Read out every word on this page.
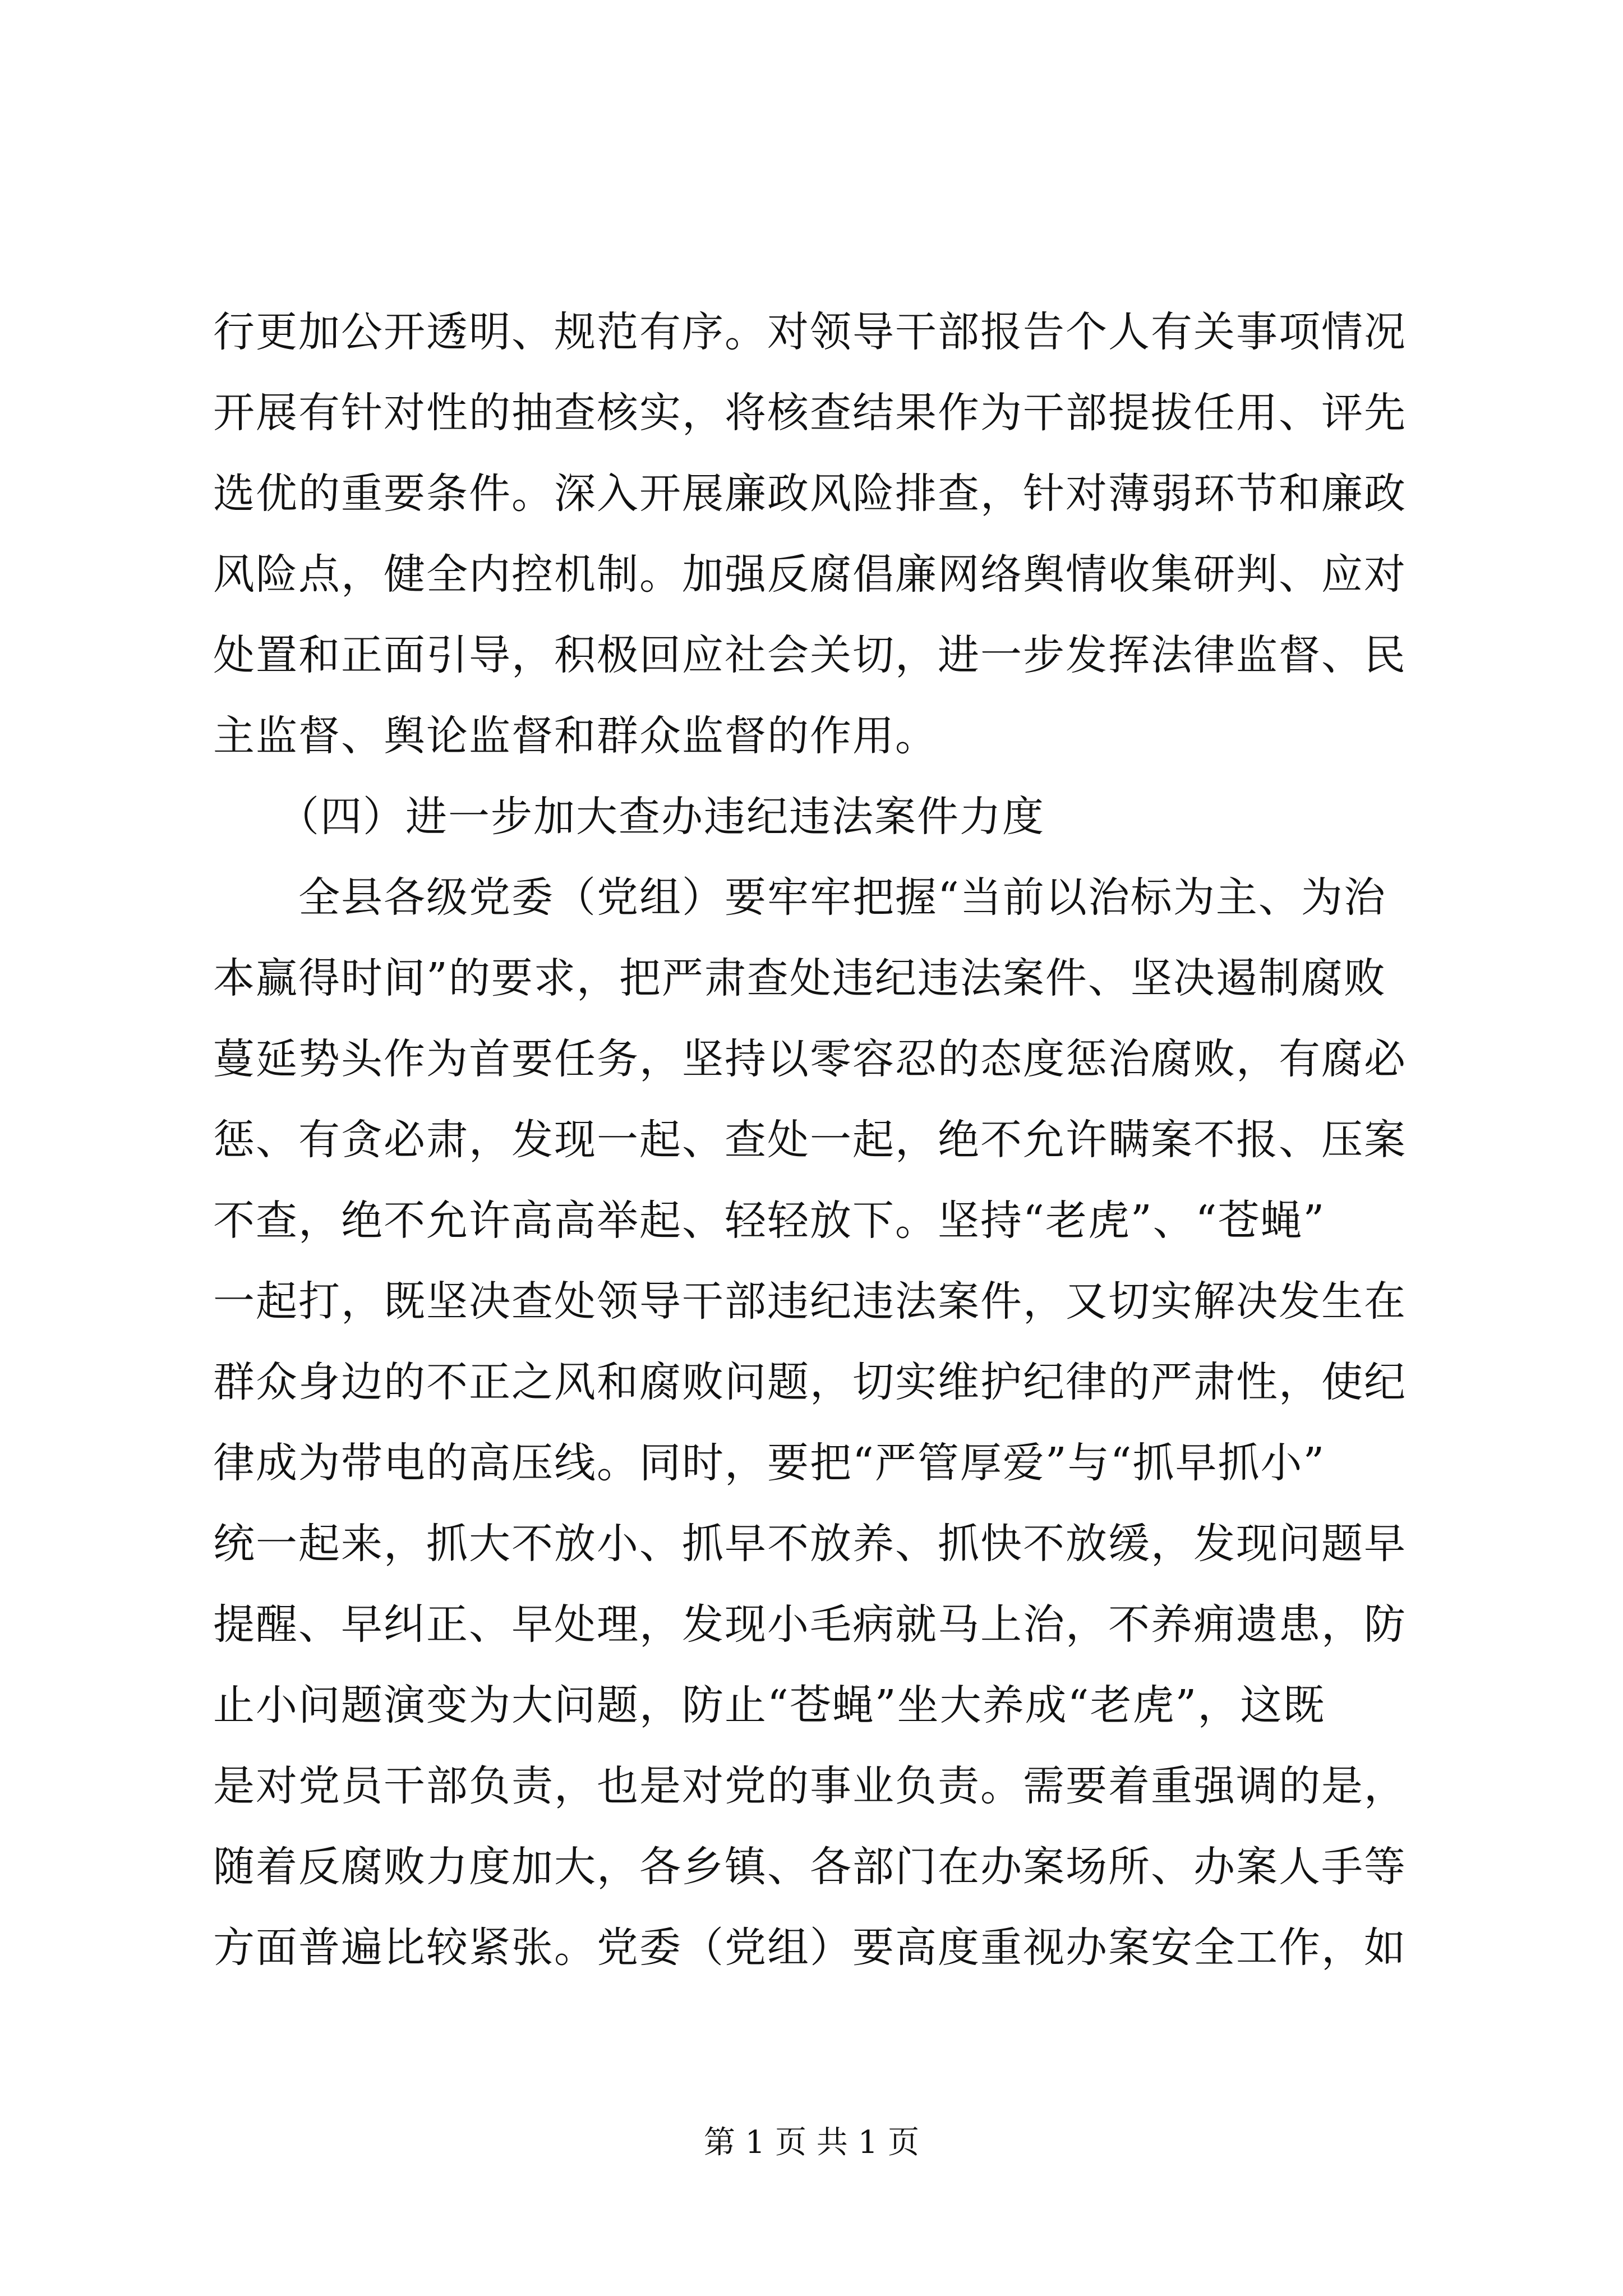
行更加公开透明、规范有序。对领导干部报告个人有关事项情况
开展有针对性的抽查核实，将核查结果作为干部提拔任用、评先
选优的重要条件。深入开展廉政风险排查，针对薄弱环节和廉政
风险点，健全内控机制。加强反腐倡廉网络舆情收集研判、应对
处置和正面引导，积极回应社会关切，进一步发挥法律监督、民
主监督、舆论监督和群众监督的作用。
　　（四）进一步加大查办违纪违法案件力度
　　全县各级党委（党组）要牢牢把握“当前以治标为主、为治
本赢得时间”的要求，把严肃查处违纪违法案件、坚决遏制腐败
蔓延势头作为首要任务，坚持以零容忍的态度惩治腐败，有腐必
惩、有贪必肃，发现一起、查处一起，绝不允许瞒案不报、压案
不查，绝不允许高高举起、轻轻放下。坚持“老虎”、“苍蝇”
一起打，既坚决查处领导干部违纪违法案件，又切实解决发生在
群众身边的不正之风和腐败问题，切实维护纪律的严肃性，使纪
律成为带电的高压线。同时，要把“严管厚爱”与“抓早抓小”
统一起来，抓大不放小、抓早不放养、抓快不放缓，发现问题早
提醒、早纠正、早处理，发现小毛病就马上治，不养痈遗患，防
止小问题演变为大问题，防止“苍蝇”坐大养成“老虎”，这既
是对党员干部负责，也是对党的事业负责。需要着重强调的是，
随着反腐败力度加大，各乡镇、各部门在办案场所、办案人手等
方面普遍比较紧张。党委（党组）要高度重视办案安全工作，如
第 1 页 共 1 页
